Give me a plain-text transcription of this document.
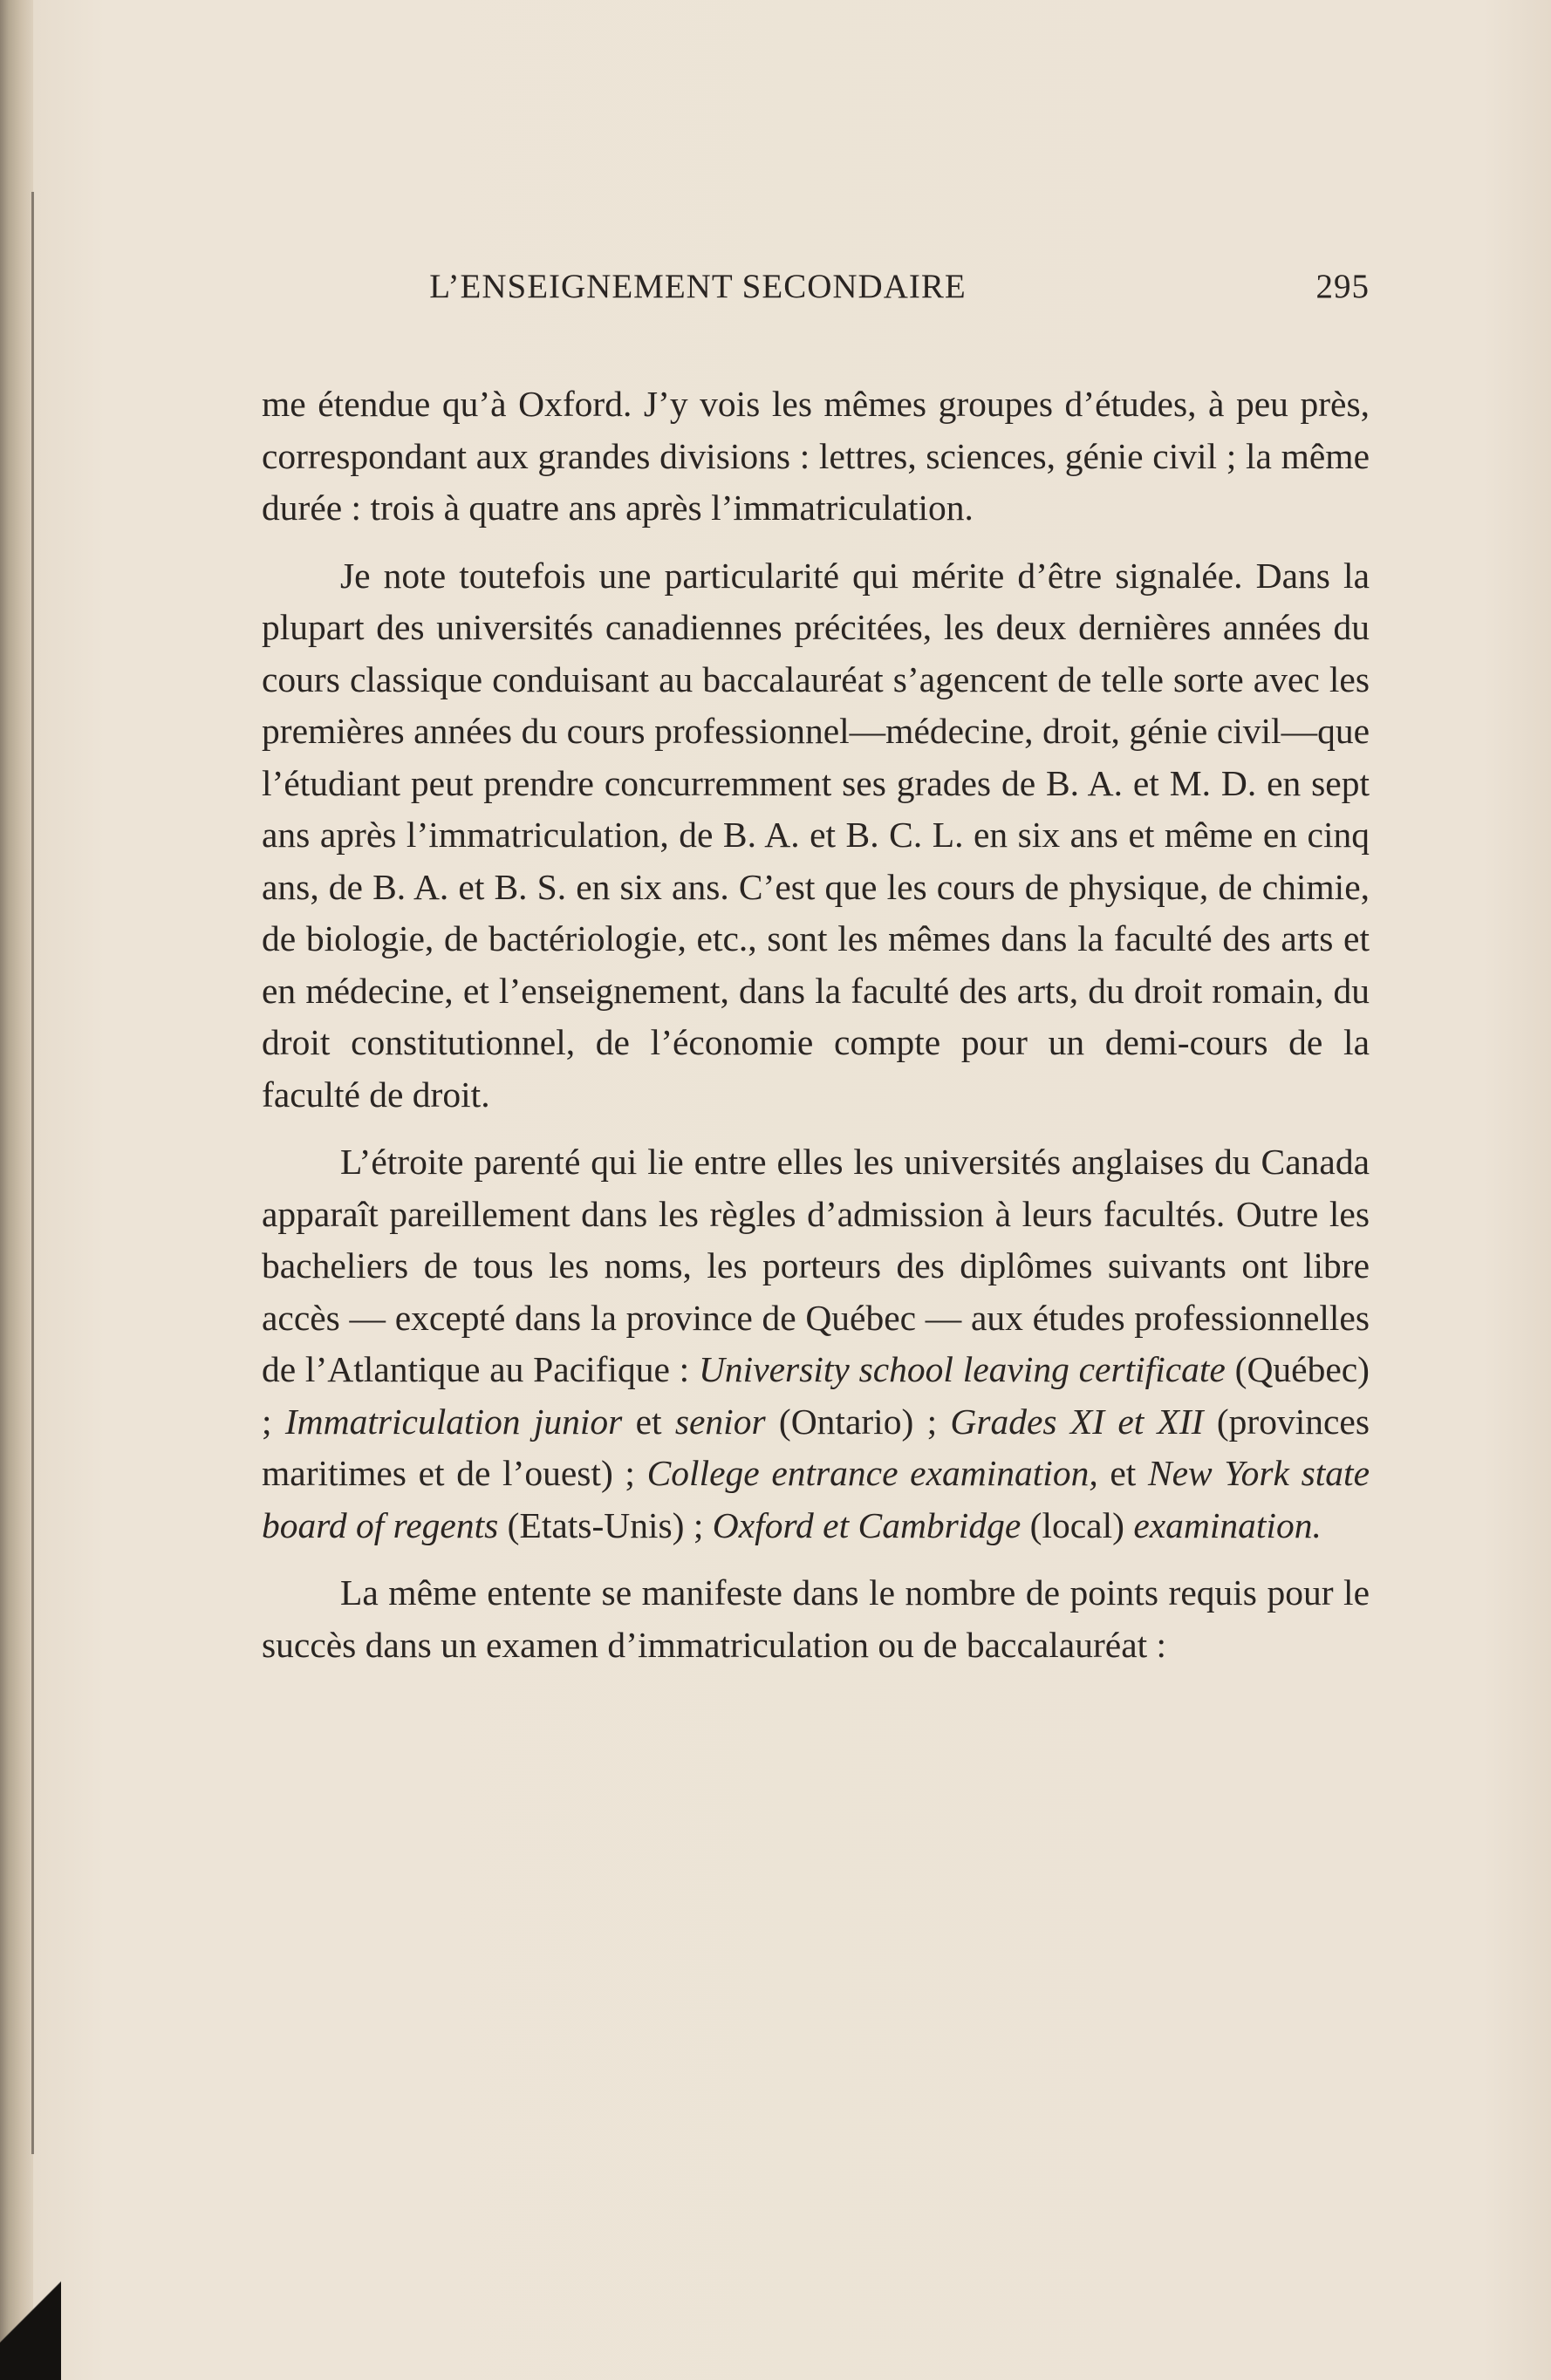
L’ENSEIGNEMENT SECONDAIRE	295

me étendue qu’à Oxford. J’y vois les mêmes groupes d’études, à peu près, correspondant aux grandes divisions : lettres, sciences, génie civil ; la même durée : trois à quatre ans après l’immatriculation.

Je note toutefois une particularité qui mérite d’être signalée. Dans la plupart des universités canadiennes précitées, les deux dernières années du cours classique conduisant au baccalauréat s’agencent de telle sorte avec les premières années du cours professionnel—médecine, droit, génie civil—que l’étudiant peut prendre concurremment ses grades de B. A. et M. D. en sept ans après l’immatriculation, de B. A. et B. C. L. en six ans et même en cinq ans, de B. A. et B. S. en six ans. C’est que les cours de physique, de chimie, de biologie, de bactériologie, etc., sont les mêmes dans la faculté des arts et en médecine, et l’enseignement, dans la faculté des arts, du droit romain, du droit constitutionnel, de l’économie compte pour un demi-cours de la faculté de droit.

L’étroite parenté qui lie entre elles les universités anglaises du Canada apparaît pareillement dans les règles d’admission à leurs facultés. Outre les bacheliers de tous les noms, les porteurs des diplômes suivants ont libre accès — excepté dans la province de Québec — aux études professionnelles de l’Atlantique au Pacifique : University school leaving certificate (Québec) ; Immatriculation junior et senior (Ontario) ; Grades XI et XII (provinces maritimes et de l’ouest) ; College entrance examination, et New York state board of regents (Etats-Unis) ; Oxford et Cambridge (local) examination.

La même entente se manifeste dans le nombre de points requis pour le succès dans un examen d’immatriculation ou de baccalauréat :
